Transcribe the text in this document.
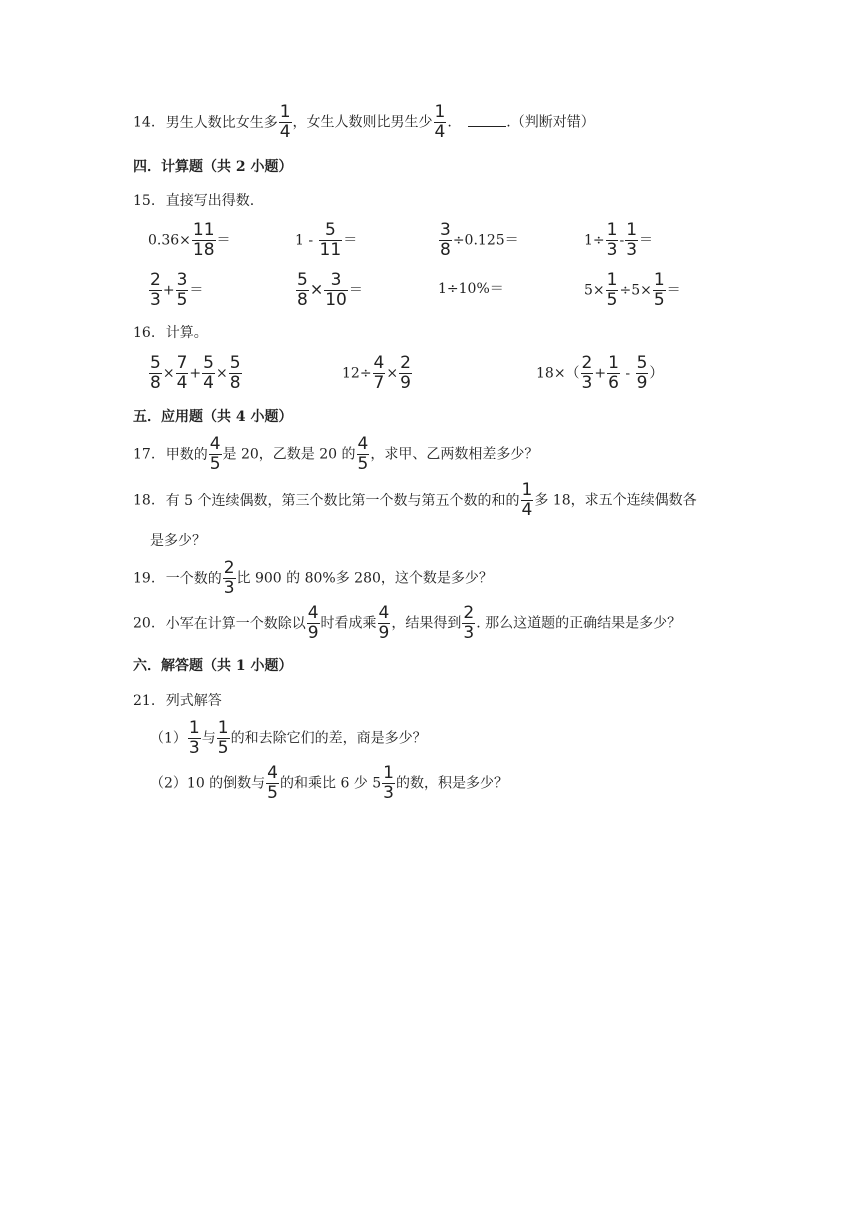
14. 男生人数比女生多 $\frac{1}{4}$ ，女生人数则比男生少 $\frac{1}{4}$ .	.（判断对错）
四．计算题（共 2 小题）
15. 直接写出得数.
$0.36\times \frac{11}{18}$ ＝	$1 - \frac{5}{11}$ ＝	$\frac{3}{8} \div 0.125=$	$1\div \frac{1}{3} - \frac{1}{3}$ ＝
$\frac{2}{3} + \frac{3}{5}$ ＝	$\frac{5}{8} \times \frac{3}{10}$ ＝	1÷10%＝	$5\times \frac{1}{5} \div 5\times \frac{1}{5}$ ＝
16. 计算。
$\frac{5}{8} \times \frac{7}{4} + \frac{5}{4} \times \frac{5}{8}$	$12\div \frac{4}{7} \times \frac{2}{9}$	$18\times( \frac{2}{3} + \frac{1}{6} - \frac{5}{9}$ ）
五．应用题（共 4 小题）
17. 甲数的 $\frac{4}{5}$ 是 20，乙数是 20 的 $\frac{4}{5}$ ，求甲、乙两数相差多少？
18. 有 5 个连续偶数，第三个数比第一个数与第五个数的和的 $\frac{1}{4}$ 多 18，求五个连续偶数各
是多少？
19. 一个数的 $\frac{2}{3}$ 比 900 的 80%多 280，这个数是多少？
20. 小军在计算一个数除以 $\frac{4}{9}$ 时看成乘 $\frac{4}{9}$ ，结果得到 $\frac{2}{3}$ . 那么这道题的正确结果是多少？
六．解答题（共 1 小题）
21. 列式解答
$(1) \frac{1}{3}$ 与 $\frac{1}{5}$ 的和去除它们的差，商是多少？
（2）10 的倒数与 $\frac{4}{5}$ 的和乘比 6 少 $5 \frac{1}{3}$ 的数，积是多少？
